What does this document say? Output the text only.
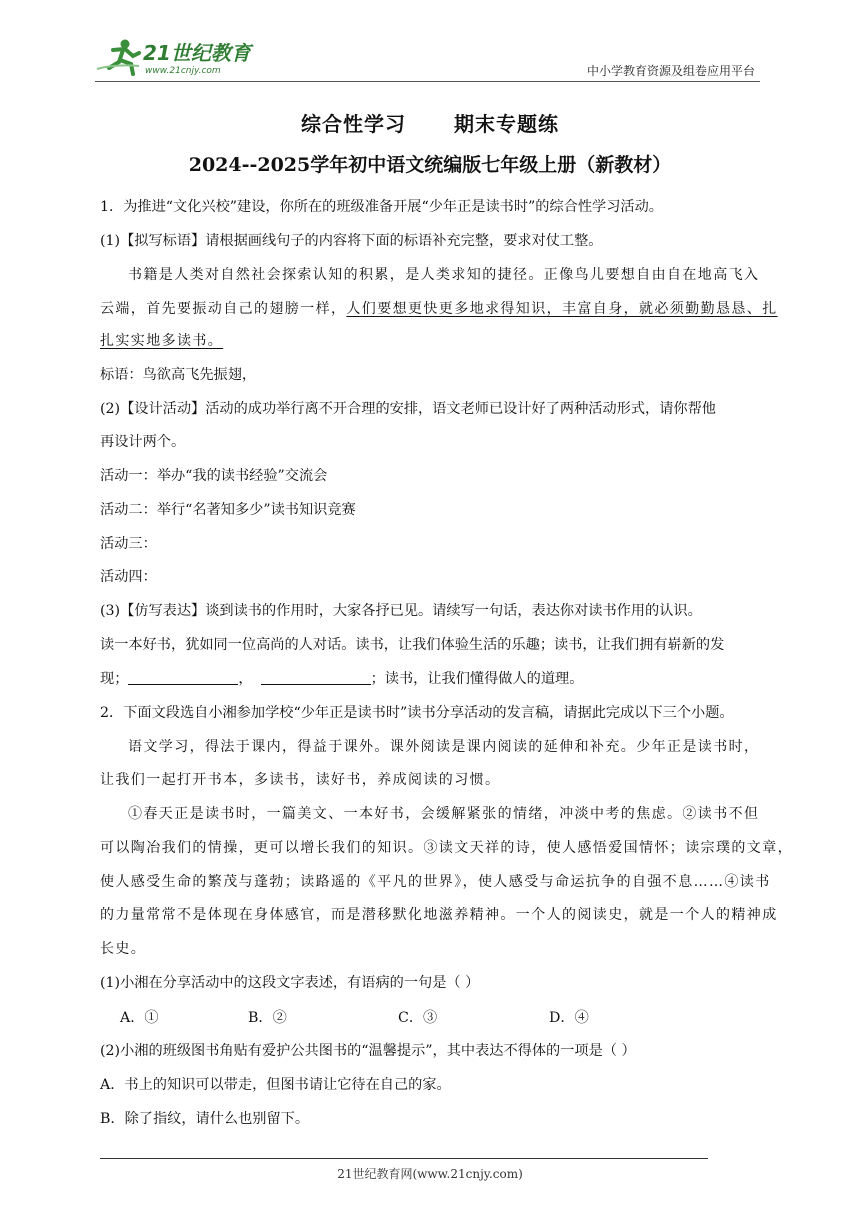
21世纪教育
www.21cnjy.com	中小学教育资源及组卷应用平台
综合性学习 期末专题练
2024--2025学年初中语文统编版七年级上册（新教材）
1．为推进“文化兴校”建设，你所在的班级准备开展“少年正是读书时”的综合性学习活动。
(1)【拟写标语】请根据画线句子的内容将下面的标语补充完整，要求对仗工整。
书籍是人类对自然社会探索认知的积累，是人类求知的捷径。正像鸟儿要想自由自在地高飞入
云端，首先要振动自己的翅膀一样，人们要想更快更多地求得知识，丰富自身，就必须勤勤恳恳、扎
扎实实地多读书。
标语：鸟欲高飞先振翅，
(2)【设计活动】活动的成功举行离不开合理的安排，语文老师已设计好了两种活动形式，请你帮他
再设计两个。
活动一：举办“我的读书经验”交流会
活动二：举行“名著知多少”读书知识竞赛
活动三：
活动四：
(3)【仿写表达】谈到读书的作用时，大家各抒已见。请续写一句话，表达你对读书作用的认识。
读一本好书，犹如同一位高尚的人对话。读书，让我们体验生活的乐趣；读书，让我们拥有崭新的发
现；	，	；读书，让我们懂得做人的道理。
2．下面文段选自小湘参加学校“少年正是读书时”读书分享活动的发言稿，请据此完成以下三个小题。
语文学习，得法于课内，得益于课外。课外阅读是课内阅读的延伸和补充。少年正是读书时，
让我们一起打开书本，多读书，读好书，养成阅读的习惯。
①春天正是读书时，一篇美文、一本好书，会缓解紧张的情绪，冲淡中考的焦虑。②读书不但
可以陶冶我们的情操，更可以增长我们的知识。③读文天祥的诗，使人感悟爱国情怀；读宗璞的文章，
使人感受生命的繁茂与蓬勃；读路遥的《平凡的世界》，使人感受与命运抗争的自强不息……④读书
的力量常常不是体现在身体感官，而是潜移默化地滋养精神。一个人的阅读史，就是一个人的精神成
长史。
(1)小湘在分享活动中的这段文字表述，有语病的一句是（ ）
A．①	B．②	C．③	D．④
(2)小湘的班级图书角贴有爱护公共图书的“温馨提示”，其中表达不得体的一项是（ ）
A．书上的知识可以带走，但图书请让它待在自己的家。
B．除了指纹，请什么也别留下。
21世纪教育网(www.21cnjy.com)
